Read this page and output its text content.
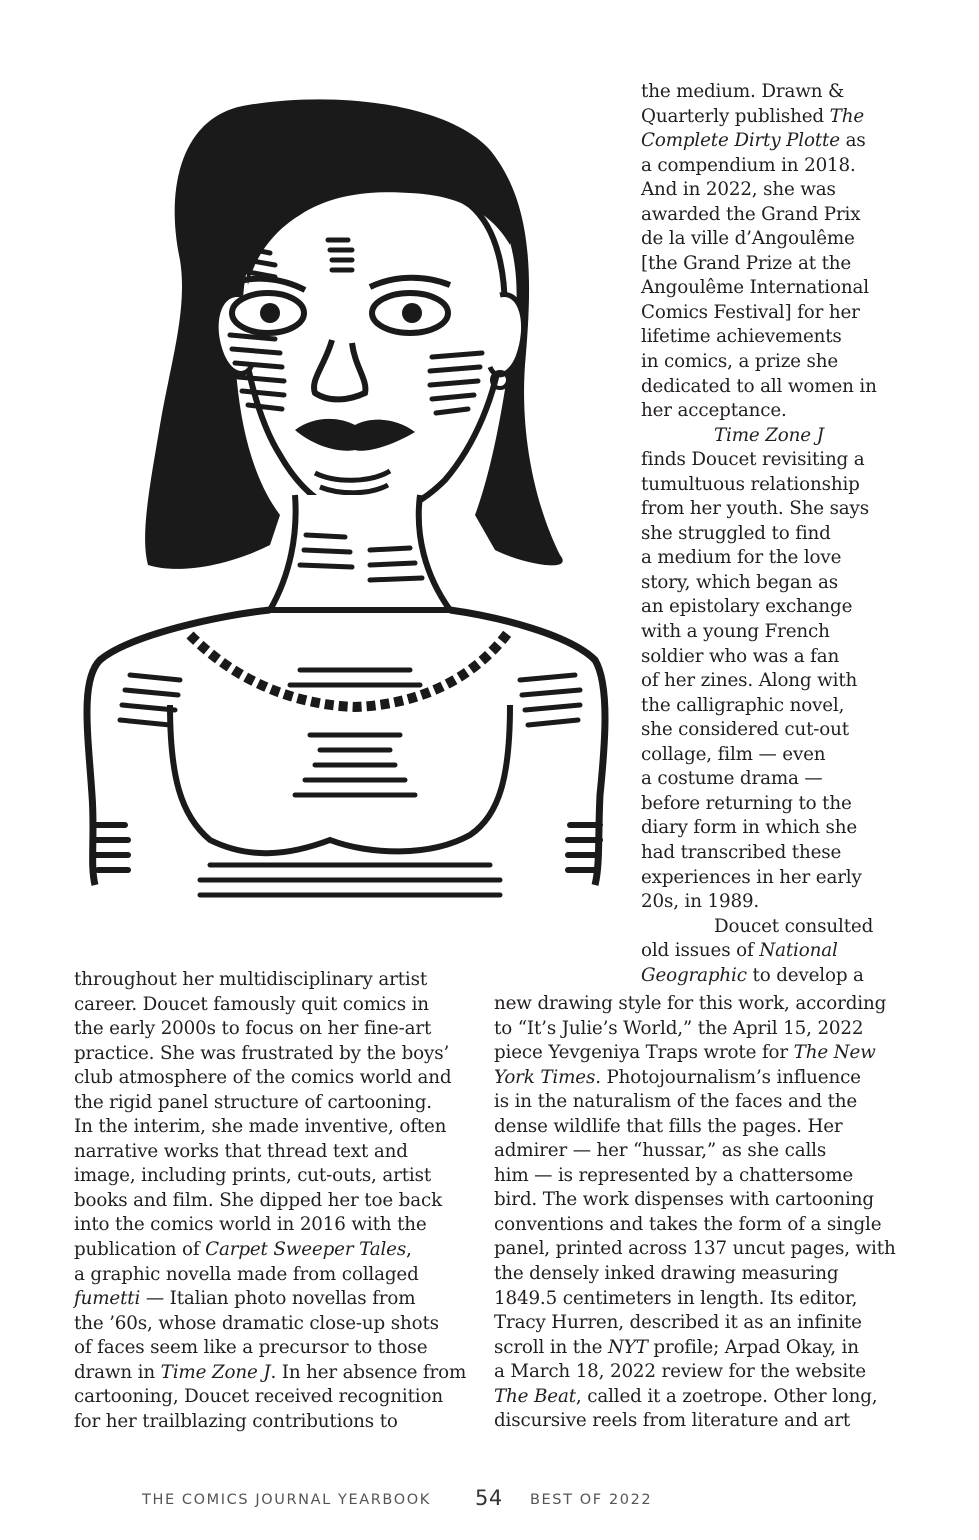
the medium. Drawn &
Quarterly published The
Complete Dirty Plotte as
a compendium in 2018.
And in 2022, she was
awarded the Grand Prix
de la ville d’Angoulême
[the Grand Prize at the
Angoulême International
Comics Festival] for her
lifetime achievements
in comics, a prize she
dedicated to all women in
her acceptance.
Time Zone J
finds Doucet revisiting a
tumultuous relationship
from her youth. She says
she struggled to find
a medium for the love
story, which began as
an epistolary exchange
with a young French
soldier who was a fan
of her zines. Along with
the calligraphic novel,
she considered cut-out
collage, film — even
a costume drama —
before returning to the
diary form in which she
had transcribed these
experiences in her early
20s, in 1989.
Doucet consulted
old issues of National
Geographic to develop a
throughout her multidisciplinary artist
career. Doucet famously quit comics in
the early 2000s to focus on her fine-art
practice. She was frustrated by the boys’
club atmosphere of the comics world and
the rigid panel structure of cartooning.
In the interim, she made inventive, often
narrative works that thread text and
image, including prints, cut-outs, artist
books and film. She dipped her toe back
into the comics world in 2016 with the
publication of Carpet Sweeper Tales,
a graphic novella made from collaged
fumetti — Italian photo novellas from
the ’60s, whose dramatic close-up shots
of faces seem like a precursor to those
drawn in Time Zone J. In her absence from
cartooning, Doucet received recognition
for her trailblazing contributions to
new drawing style for this work, according
to “It’s Julie’s World,” the April 15, 2022
piece Yevgeniya Traps wrote for The New
York Times. Photojournalism’s influence
is in the naturalism of the faces and the
dense wildlife that fills the pages. Her
admirer — her “hussar,” as she calls
him — is represented by a chattersome
bird. The work dispenses with cartooning
conventions and takes the form of a single
panel, printed across 137 uncut pages, with
the densely inked drawing measuring
1849.5 centimeters in length. Its editor,
Tracy Hurren, described it as an infinite
scroll in the NYT profile; Arpad Okay, in
a March 18, 2022 review for the website
The Beat, called it a zoetrope. Other long,
discursive reels from literature and art
THE COMICS JOURNAL YEARBOOK 54 BEST OF 2022
